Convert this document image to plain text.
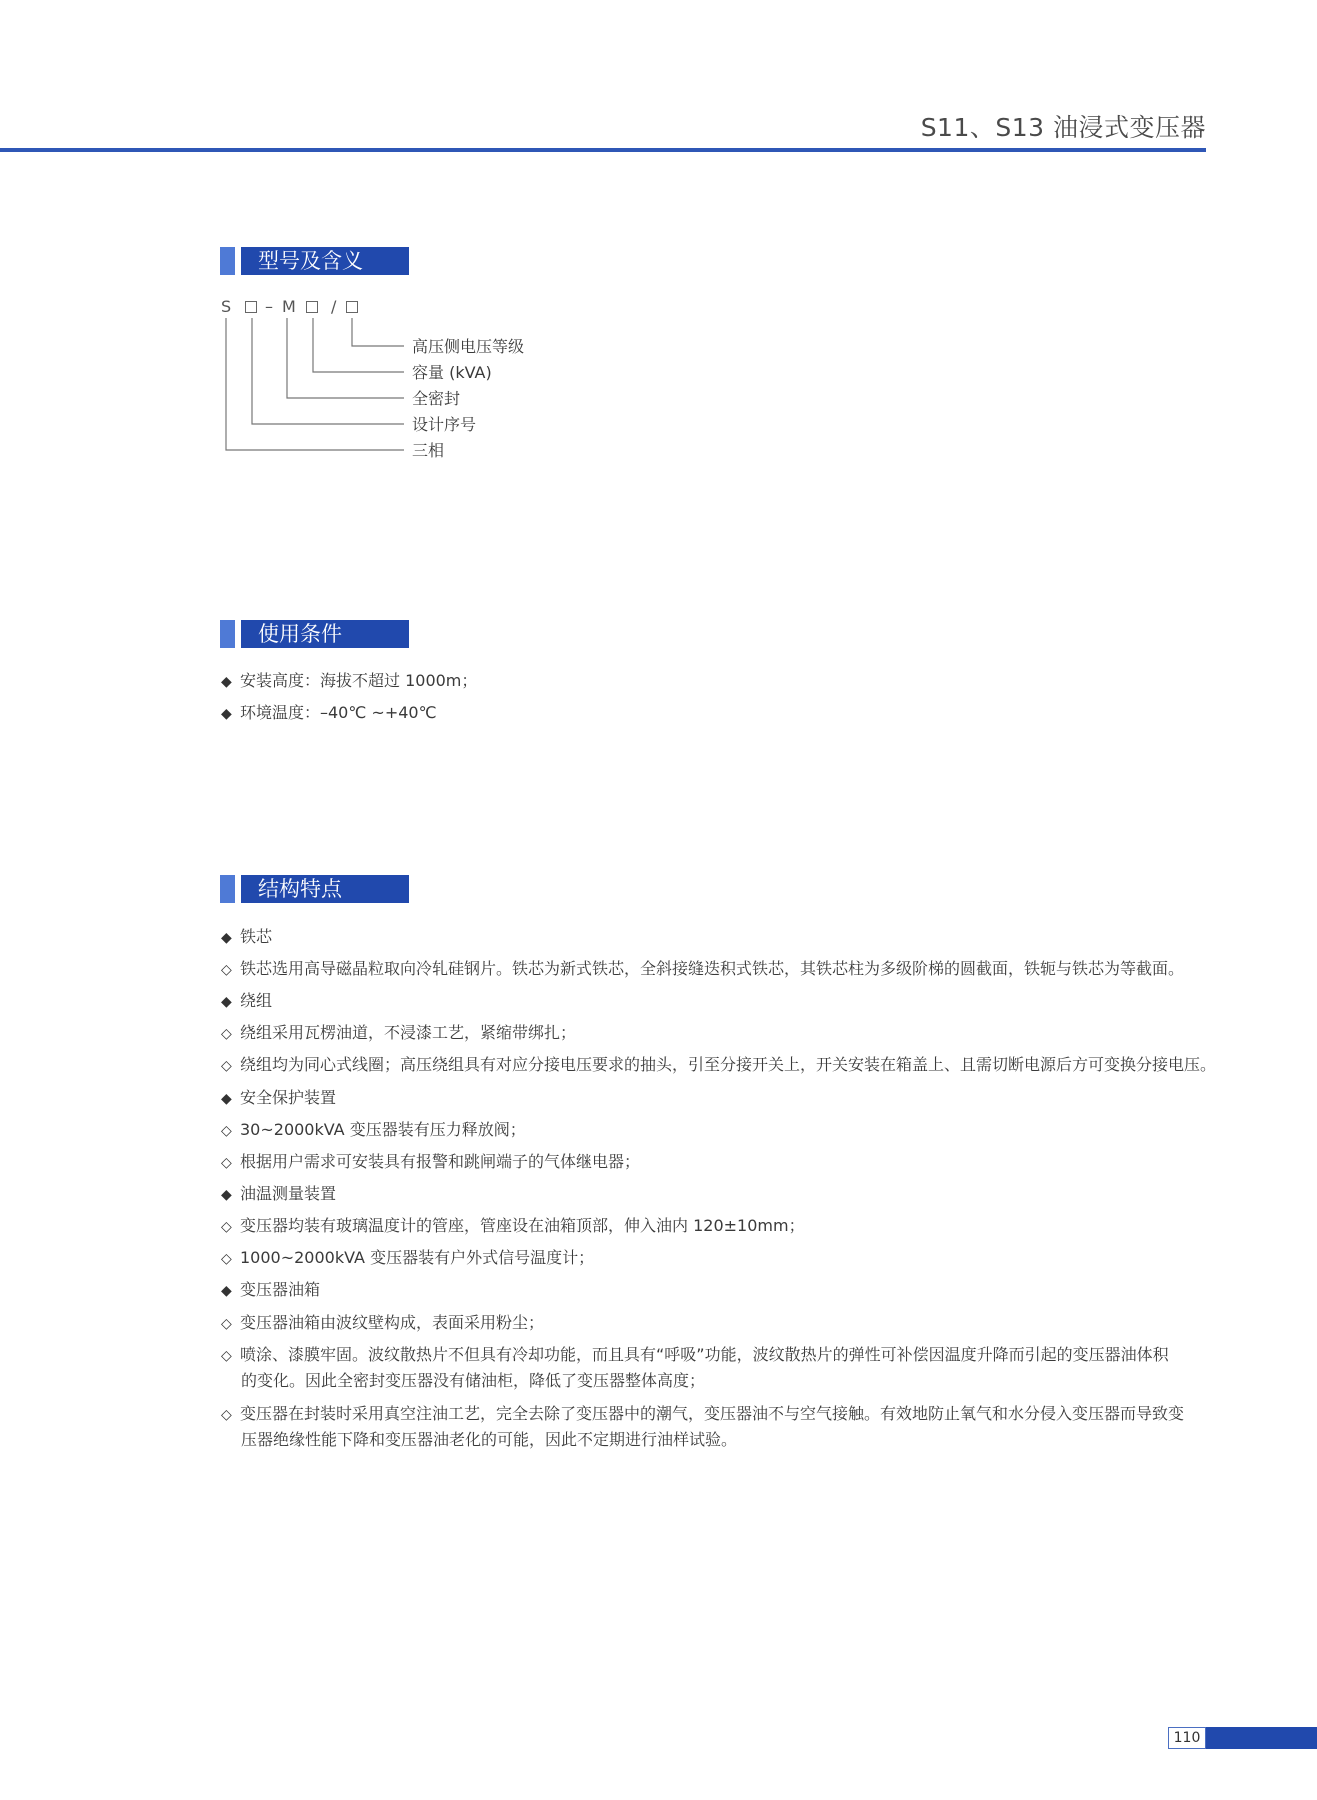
S11、S13 油浸式变压器
型号及含义
S – M /
高压侧电压等级
容量 (kVA)
全密封
设计序号
三相
使用条件
◆ 安装高度：海拔不超过 1000m；
◆ 环境温度：–40℃ ~+40℃
结构特点
◆ 铁芯
◇ 铁芯选用高导磁晶粒取向冷轧硅钢片。铁芯为新式铁芯，全斜接缝迭积式铁芯，其铁芯柱为多级阶梯的圆截面，铁轭与铁芯为等截面。
◆ 绕组
◇ 绕组采用瓦楞油道，不浸漆工艺，紧缩带绑扎；
◇ 绕组均为同心式线圈；高压绕组具有对应分接电压要求的抽头，引至分接开关上，开关安装在箱盖上、且需切断电源后方可变换分接电压。
◆ 安全保护装置
◇ 30~2000kVA 变压器装有压力释放阀；
◇ 根据用户需求可安装具有报警和跳闸端子的气体继电器；
◆ 油温测量装置
◇ 变压器均装有玻璃温度计的管座，管座设在油箱顶部，伸入油内 120±10mm；
◇ 1000~2000kVA 变压器装有户外式信号温度计；
◆ 变压器油箱
◇ 变压器油箱由波纹壁构成，表面采用粉尘；
◇ 喷涂、漆膜牢固。波纹散热片不但具有冷却功能，而且具有“呼吸”功能，波纹散热片的弹性可补偿因温度升降而引起的变压器油体积
的变化。因此全密封变压器没有储油柜，降低了变压器整体高度；
◇ 变压器在封装时采用真空注油工艺，完全去除了变压器中的潮气，变压器油不与空气接触。有效地防止氧气和水分侵入变压器而导致变
压器绝缘性能下降和变压器油老化的可能，因此不定期进行油样试验。
110
